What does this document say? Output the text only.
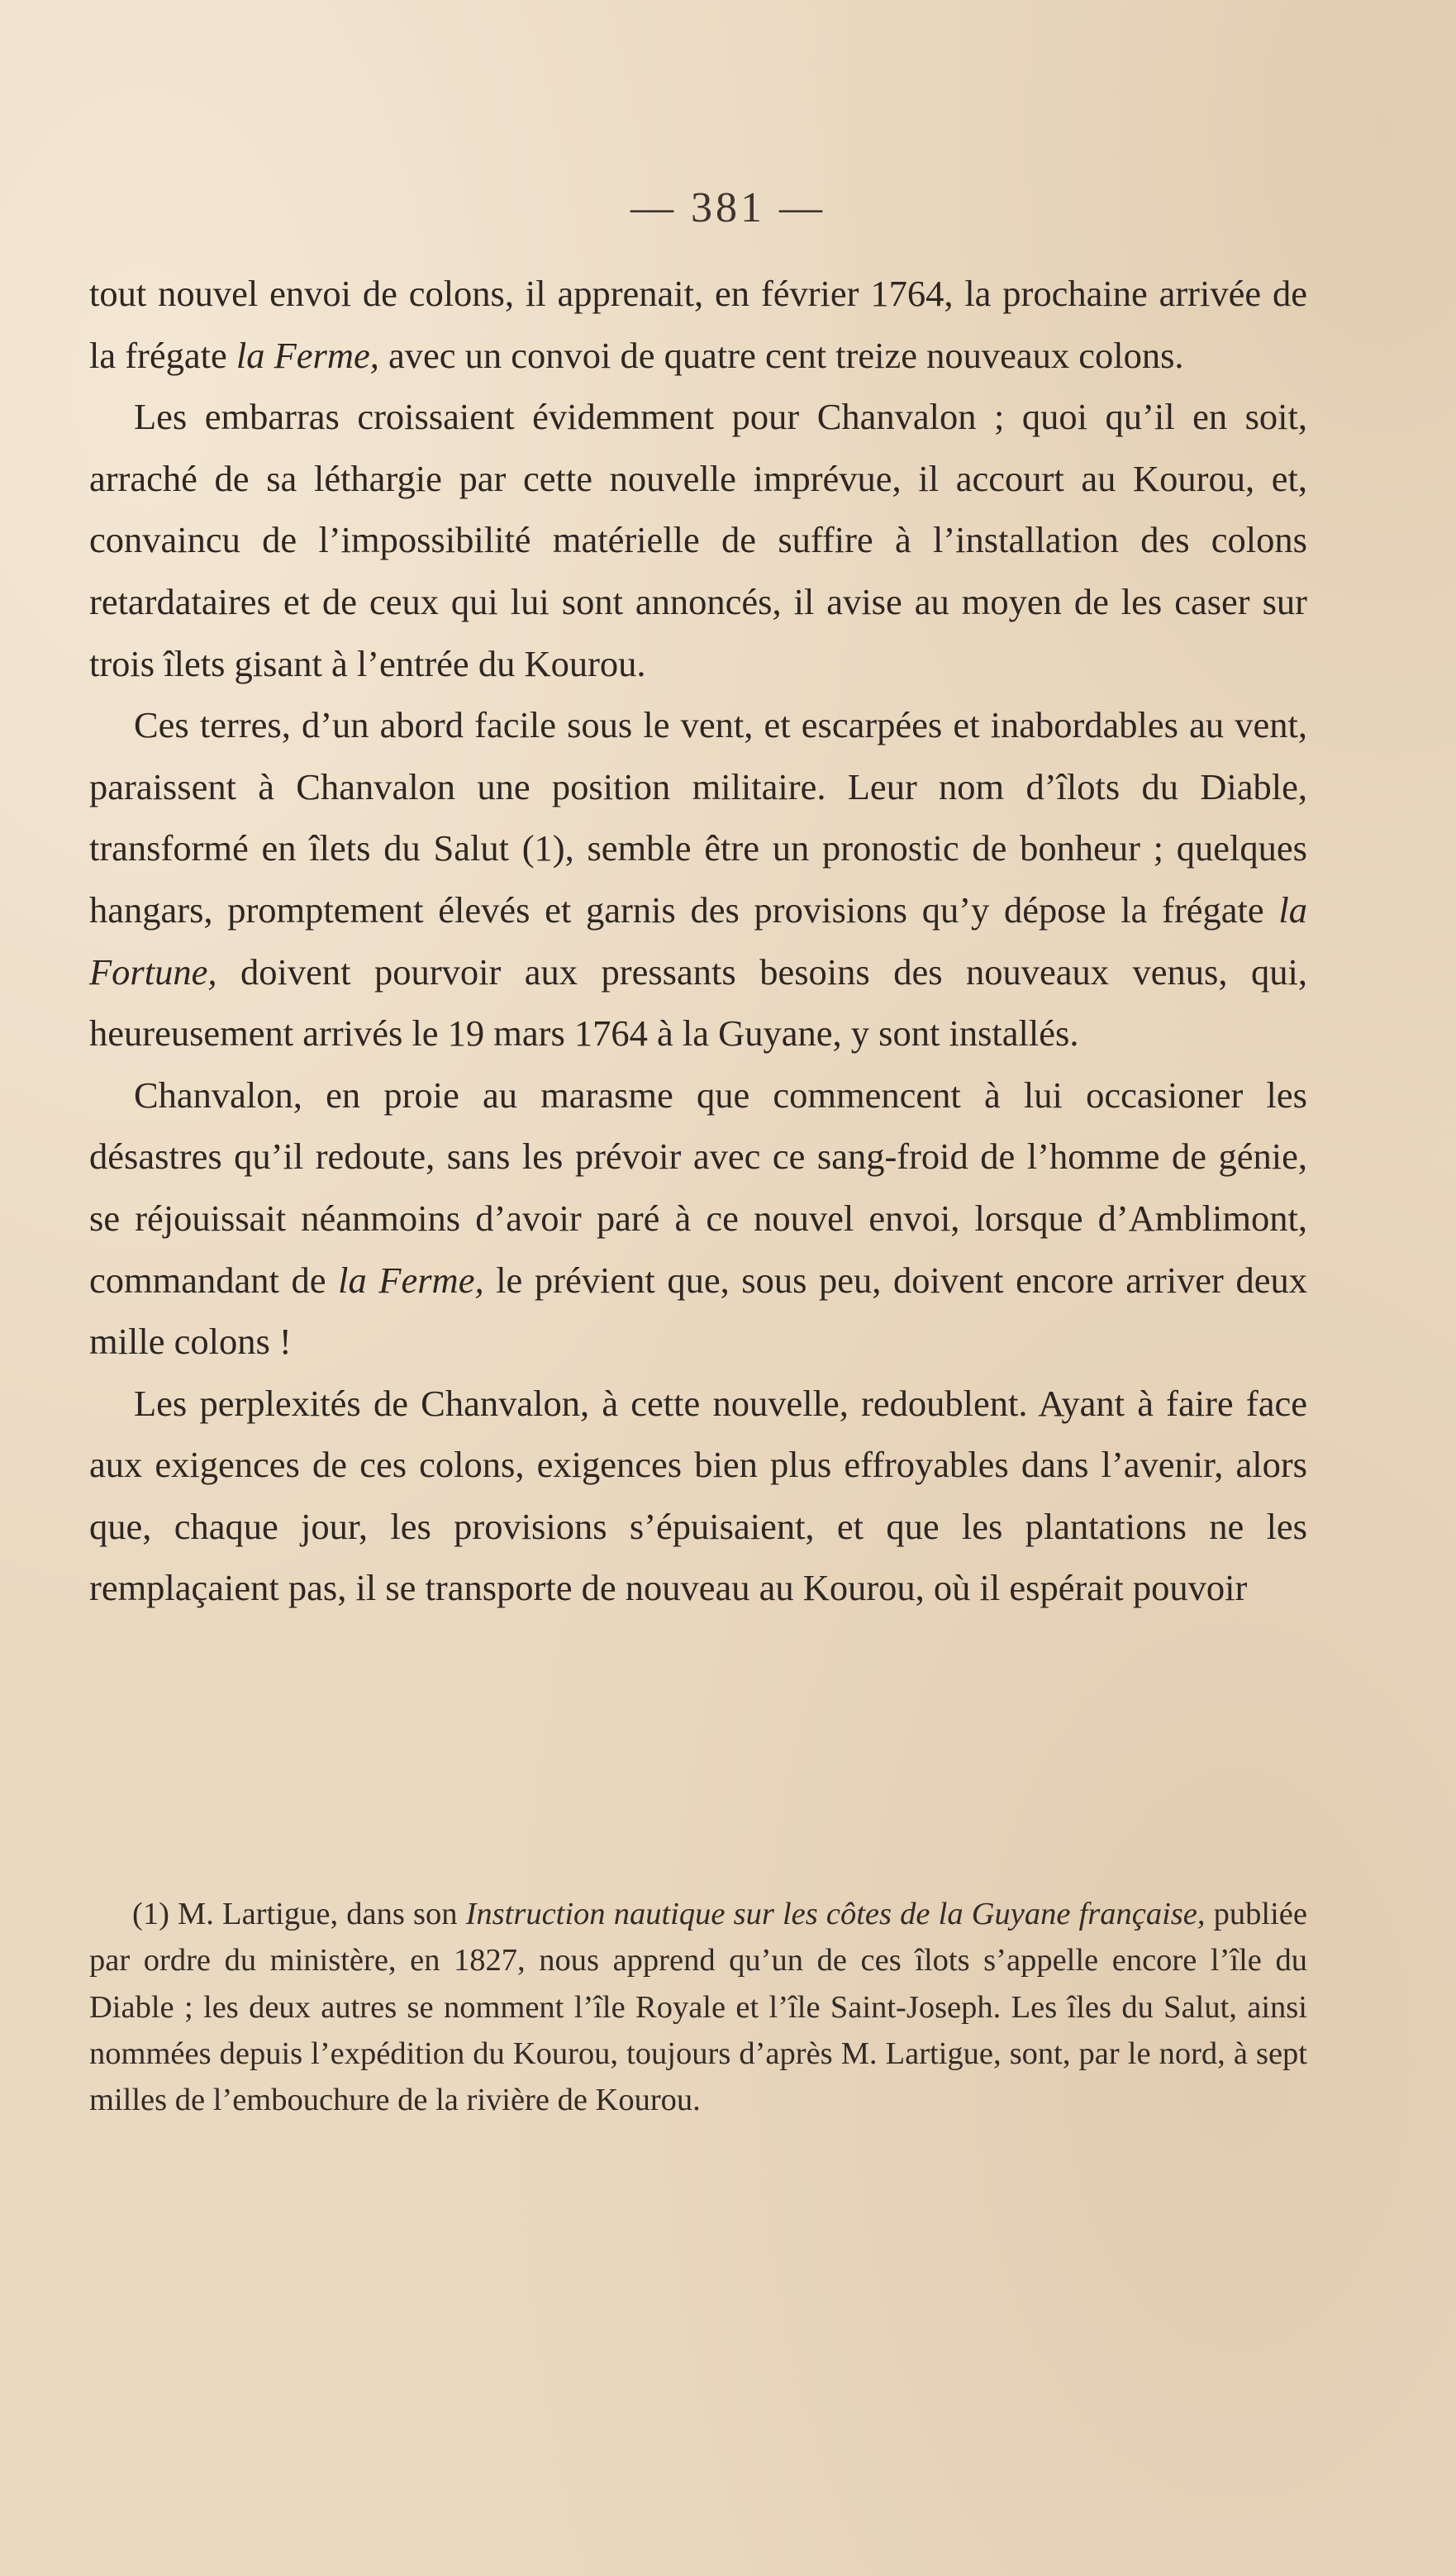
— 381 —

tout nouvel envoi de colons, il apprenait, en février 1764, la prochaine arrivée de la frégate la Ferme, avec un convoi de quatre cent treize nouveaux colons.

Les embarras croissaient évidemment pour Chanvalon ; quoi qu’il en soit, arraché de sa léthargie par cette nouvelle imprévue, il accourt au Kourou, et, convaincu de l’impossibilité matérielle de suffire à l’installation des colons retardataires et de ceux qui lui sont annoncés, il avise au moyen de les caser sur trois îlets gisant à l’entrée du Kourou.

Ces terres, d’un abord facile sous le vent, et escarpées et inabordables au vent, paraissent à Chanvalon une position militaire. Leur nom d’îlots du Diable, transformé en îlets du Salut (1), semble être un pronostic de bonheur ; quelques hangars, promptement élevés et garnis des provisions qu’y dépose la frégate la Fortune, doivent pourvoir aux pressants besoins des nouveaux venus, qui, heureusement arrivés le 19 mars 1764 à la Guyane, y sont installés.

Chanvalon, en proie au marasme que commencent à lui occasioner les désastres qu’il redoute, sans les prévoir avec ce sang-froid de l’homme de génie, se réjouissait néanmoins d’avoir paré à ce nouvel envoi, lorsque d’Amblimont, commandant de la Ferme, le prévient que, sous peu, doivent encore arriver deux mille colons !

Les perplexités de Chanvalon, à cette nouvelle, redoublent. Ayant à faire face aux exigences de ces colons, exigences bien plus effroyables dans l’avenir, alors que, chaque jour, les provisions s’épuisaient, et que les plantations ne les remplaçaient pas, il se transporte de nouveau au Kourou, où il espérait pouvoir

(1) M. Lartigue, dans son Instruction nautique sur les côtes de la Guyane française, publiée par ordre du ministère, en 1827, nous apprend qu’un de ces îlots s’appelle encore l’île du Diable ; les deux autres se nomment l’île Royale et l’île Saint-Joseph. Les îles du Salut, ainsi nommées depuis l’expédition du Kourou, toujours d’après M. Lartigue, sont, par le nord, à sept milles de l’embouchure de la rivière de Kourou.
